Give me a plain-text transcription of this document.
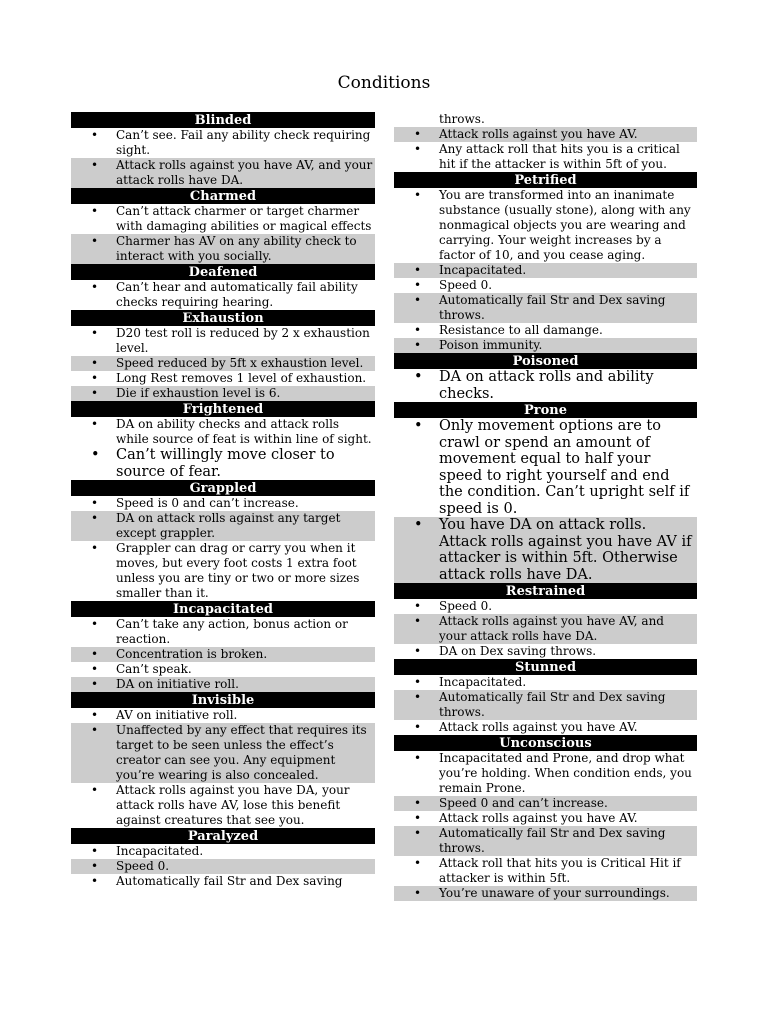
Conditions
Blinded
• Can’t see. Fail any ability check requiring sight.
• Attack rolls against you have AV, and your attack rolls have DA.
Charmed
• Can’t attack charmer or target charmer with damaging abilities or magical effects
• Charmer has AV on any ability check to interact with you socially.
Deafened
• Can’t hear and automatically fail ability checks requiring hearing.
Exhaustion
• D20 test roll is reduced by 2 x exhaustion level.
• Speed reduced by 5ft x exhaustion level.
• Long Rest removes 1 level of exhaustion.
• Die if exhaustion level is 6.
Frightened
• DA on ability checks and attack rolls while source of feat is within line of sight.
• Can’t willingly move closer to source of fear.
Grappled
• Speed is 0 and can’t increase.
• DA on attack rolls against any target except grappler.
• Grappler can drag or carry you when it moves, but every foot costs 1 extra foot unless you are tiny or two or more sizes smaller than it.
Incapacitated
• Can’t take any action, bonus action or reaction.
• Concentration is broken.
• Can’t speak.
• DA on initiative roll.
Invisible
• AV on initiative roll.
• Unaffected by any effect that requires its target to be seen unless the effect’s creator can see you. Any equipment you’re wearing is also concealed.
• Attack rolls against you have DA, your attack rolls have AV, lose this benefit against creatures that see you.
Paralyzed
• Incapacitated.
• Speed 0.
• Automatically fail Str and Dex saving
throws.
• Attack rolls against you have AV.
• Any attack roll that hits you is a critical hit if the attacker is within 5ft of you.
Petrified
• You are transformed into an inanimate substance (usually stone), along with any nonmagical objects you are wearing and carrying. Your weight increases by a factor of 10, and you cease aging.
• Incapacitated.
• Speed 0.
• Automatically fail Str and Dex saving throws.
• Resistance to all damange.
• Poison immunity.
Poisoned
• DA on attack rolls and ability checks.
Prone
• Only movement options are to crawl or spend an amount of movement equal to half your speed to right yourself and end the condition. Can’t upright self if speed is 0.
• You have DA on attack rolls. Attack rolls against you have AV if attacker is within 5ft. Otherwise attack rolls have DA.
Restrained
• Speed 0.
• Attack rolls against you have AV, and your attack rolls have DA.
• DA on Dex saving throws.
Stunned
• Incapacitated.
• Automatically fail Str and Dex saving throws.
• Attack rolls against you have AV.
Unconscious
• Incapacitated and Prone, and drop what you’re holding. When condition ends, you remain Prone.
• Speed 0 and can’t increase.
• Attack rolls against you have AV.
• Automatically fail Str and Dex saving throws.
• Attack roll that hits you is Critical Hit if attacker is within 5ft.
• You’re unaware of your surroundings.
